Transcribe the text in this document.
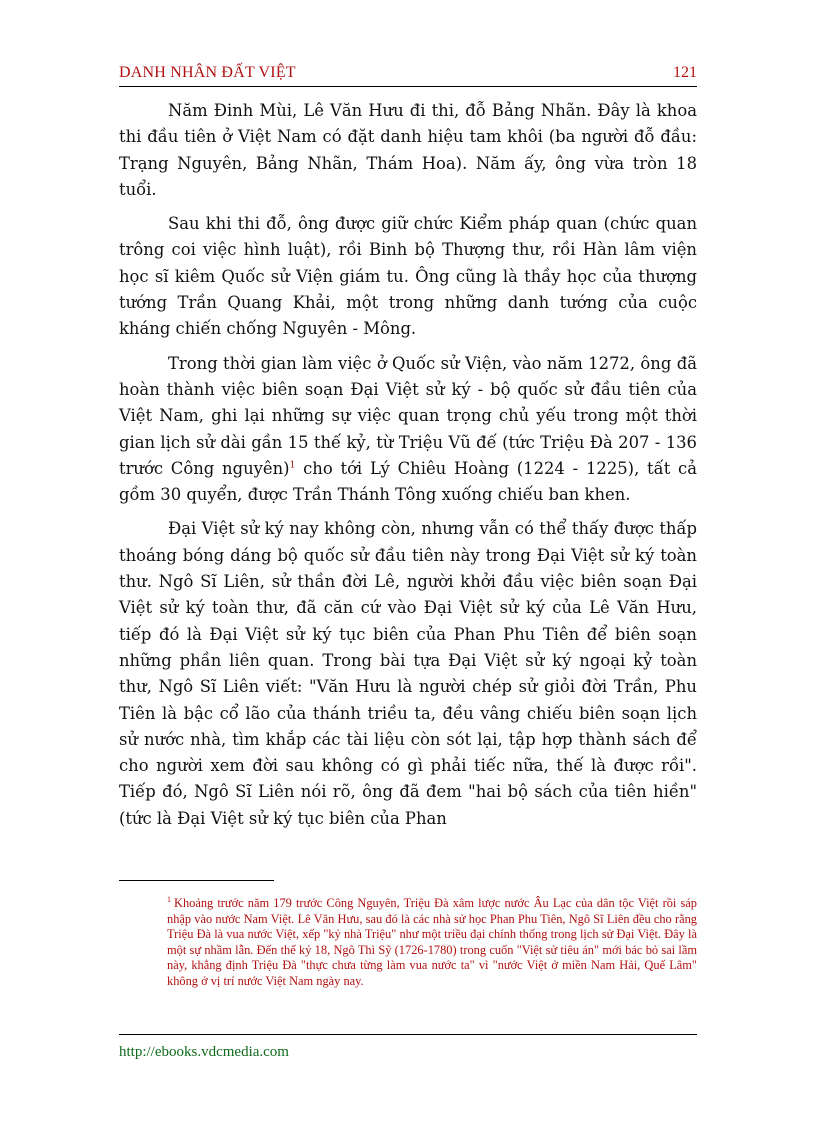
DANH NHÂN ĐẤT VIỆT	121

Năm Đinh Mùi, Lê Văn Hưu đi thi, đỗ Bảng Nhãn. Đây là khoa thi đầu tiên ở Việt Nam có đặt danh hiệu tam khôi (ba người đỗ đầu: Trạng Nguyên, Bảng Nhãn, Thám Hoa). Năm ấy, ông vừa tròn 18 tuổi.

Sau khi thi đỗ, ông được giữ chức Kiểm pháp quan (chức quan trông coi việc hình luật), rồi Binh bộ Thượng thư, rồi Hàn lâm viện học sĩ kiêm Quốc sử Viện giám tu. Ông cũng là thầy học của thượng tướng Trần Quang Khải, một trong những danh tướng của cuộc kháng chiến chống Nguyên - Mông.

Trong thời gian làm việc ở Quốc sử Viện, vào năm 1272, ông đã hoàn thành việc biên soạn Đại Việt sử ký - bộ quốc sử đầu tiên của Việt Nam, ghi lại những sự việc quan trọng chủ yếu trong một thời gian lịch sử dài gần 15 thế kỷ, từ Triệu Vũ đế (tức Triệu Đà 207 - 136 trước Công nguyên)$^1$ cho tới Lý Chiêu Hoàng (1224 - 1225), tất cả gồm 30 quyển, được Trần Thánh Tông xuống chiếu ban khen.

Đại Việt sử ký nay không còn, nhưng vẫn có thể thấy được thấp thoáng bóng dáng bộ quốc sử đầu tiên này trong Đại Việt sử ký toàn thư. Ngô Sĩ Liên, sử thần đời Lê, người khởi đầu việc biên soạn Đại Việt sử ký toàn thư, đã căn cứ vào Đại Việt sử ký của Lê Văn Hưu, tiếp đó là Đại Việt sử ký tục biên của Phan Phu Tiên để biên soạn những phần liên quan. Trong bài tựa Đại Việt sử ký ngoại kỷ toàn thư, Ngô Sĩ Liên viết: "Văn Hưu là người chép sử giỏi đời Trần, Phu Tiên là bậc cổ lão của thánh triều ta, đều vâng chiếu biên soạn lịch sử nước nhà, tìm khắp các tài liệu còn sót lại, tập hợp thành sách để cho người xem đời sau không có gì phải tiếc nữa, thế là được rồi". Tiếp đó, Ngô Sĩ Liên nói rõ, ông đã đem "hai bộ sách của tiên hiền" (tức là Đại Việt sử ký tục biên của Phan

$^1$ Khoảng trước năm 179 trước Công Nguyên, Triệu Đà xâm lược nước Âu Lạc của dân tộc Việt rồi sáp nhập vào nước Nam Việt. Lê Văn Hưu, sau đó là các nhà sử học Phan Phu Tiên, Ngô Sĩ Liên đều cho rằng Triệu Đà là vua nước Việt, xếp "kỷ nhà Triệu" như một triều đại chính thống trong lịch sử Đại Việt. Đây là một sự nhầm lẫn. Đến thế kỷ 18, Ngô Thì Sỹ (1726-1780) trong cuốn "Việt sử tiêu án" mới bác bỏ sai lầm này, khẳng định Triệu Đà "thực chưa từng làm vua nước ta" vì "nước Việt ở miền Nam Hải, Quế Lâm" không ở vị trí nước Việt Nam ngày nay.

http://ebooks.vdcmedia.com
